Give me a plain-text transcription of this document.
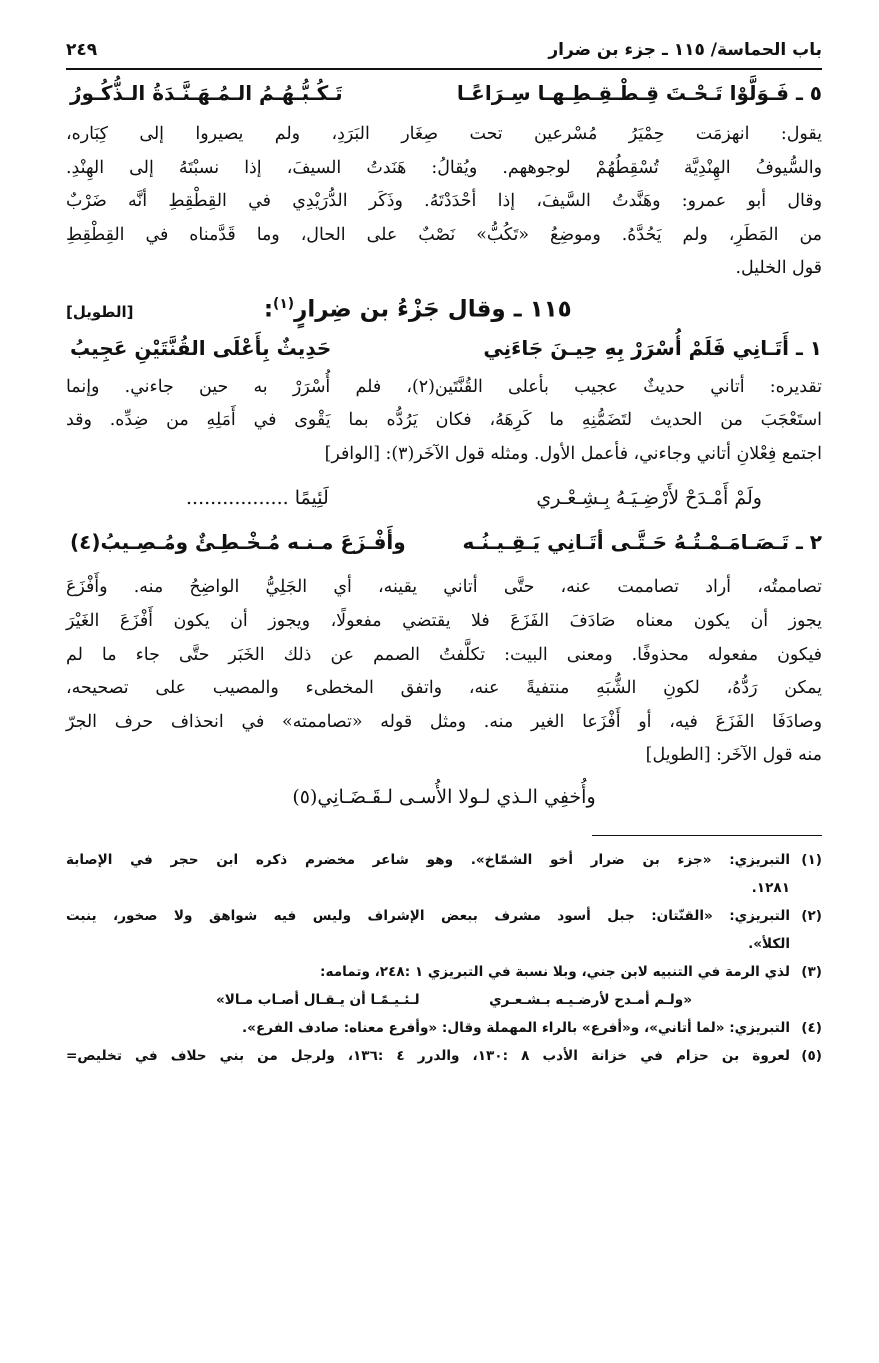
باب الحماسة/ ١١٥ ـ جزء بن ضرار
٢٤٩
٥ ـ فَـوَلَّوْا تَـحْـتَ قِـطْـقِـطِـهـا سِـرَاعًـا
تَـكُـبُّـهُـمُ الـمُـهَـنَّـدَةُ الـذُّكُـورُ

يقول: انهزمَت حِمْيَرُ مُسْرعين تحت صِغَار البَرَدِ، ولم يصيروا إلى كِبَاره،
والسُّيوفُ الهِنْدِيَّة تُسْقِطُهُمْ لوجوههم. ويُقالُ: هَنَدتُ السيفَ، إذا نسبْتَهُ إلى الهِنْدِ.
وقال أبو عمرو: وهَنَّدتُ السَّيفَ، إذا أحْدَدْتَهُ. وذَكَر الدُّرَيْدِي في القِطْقِطِ أنَّه ضَرْبٌ
من المَطَرِ، ولم يَحُدَّهُ. وموضِعُ «تَكُبُّ» نَصْبٌ على الحال، وما قَدَّمناه في القِطْقِطِ
قول الخليل.

١١٥ ـ وقال جَزْءُ بن ضِرارٍ$^{(١)}$:
[الطويل]
١ ـ أَتَـانِي فَلَمْ أُسْرَرْ بِهِ حِيـنَ جَاءَنِي
حَدِيثٌ بِأَعْلَى القُنَّتَيْنِ عَجِيبُ

تقديره: أتاني حديثٌ عجيب بأعلى القُنَّتَين(٢)، فلم أُسْرَرْ به حين جاءني. وإنما
استَعْجَبَ من الحديث لتَضَمُّنِهِ ما كَرِهَهُ، فكان يَرُدُّه بما يَقْوى في أَمَلِهِ من ضِدِّه. وقد
اجتمع فِعْلانِ أتاني وجاءني، فأعمل الأول. ومثله قول الآخَر(٣): [الوافر]

ولَمْ أَمْـدَحْ لأَرْضِـيَـهُ بِـشِـعْـري
لَئِيمًا .................
٢ ـ تَـصَـامَـمْـتُـهُ حَـتَّـى أتَـانِي يَـقِـيـنُـه
وأَفْـزَعَ مـنـه مُـخْـطِـئٌ ومُـصِـيبُ(٤)

تصاممتُه، أراد تصاممت عنه، حتَّى أتاني يقينه، أي الجَلِيُّ الواضِحُ منه. وأَفْزَعَ
يجوز أن يكون معناه صَادَفَ الفَزَعَ فلا يقتضي مفعولًا، ويجوز أن يكون أَفْزَعَ الغَيْرَ
فيكون مفعوله محذوفًا. ومعنى البيت: تكلَّفتُ الصمم عن ذلك الخَبَر حتَّى جاء ما لم
يمكن رَدُّهُ، لكونِ الشُّبَهِ منتفيةً عنه، واتفق المخطىء والمصيب على تصحيحه،
وصادَفَا الفَزَعَ فيه، أو أَفْزَعا الغير منه. ومثل قوله «تصاممته» في انحذاف حرف الجرّ
منه قول الآخَر: [الطويل]

وأُخفِي الـذي لـولا الأُسـى لـقَـضَـانِي(٥)
(١)
التبريزي: «جزء بن ضرار أخو الشمّاخ». وهو شاعر مخضرم ذكره ابن حجر في الإصابة
١٢٨١.
(٢)
التبريزي: «القنّتان: جبل أسود مشرف ببعض الإشراف وليس فيه شواهق ولا صخور، ينبت
الكلأ».
(٣)
لذي الرمة في التنبيه لابن جني، وبلا نسبة في التبريزي ١ :٢٤٨، وتمامه:
«ولـم أمـدح لأرضـيـه بـشـعـري
لـئـيـمًـا أن يـقـال أصـاب مـالا»
(٤)
التبريزي: «لما أتاني»، و«أفرع» بالراء المهملة وقال: «وأفرع معناه: صادف الفرع».
(٥)
لعروة بن حزام في خزانة الأدب ٨ :١٣٠، والدرر ٤ :١٣٦، ولرجل من بني حلاف في تخليص=
